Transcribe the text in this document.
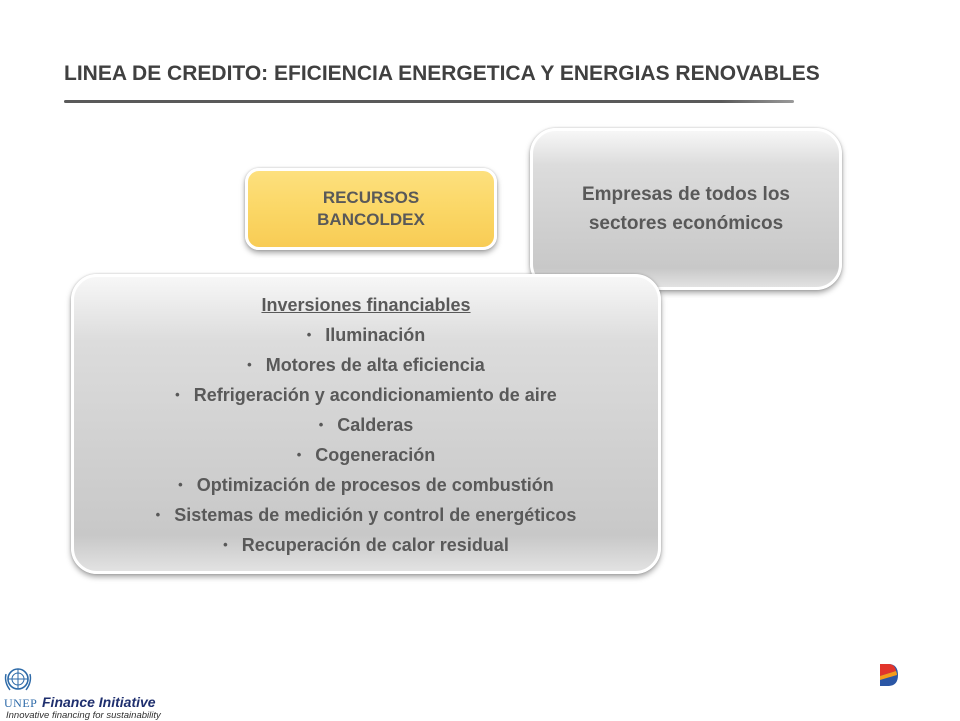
LINEA DE CREDITO: EFICIENCIA ENERGETICA Y ENERGIAS RENOVABLES
Empresas de todos los
sectores económicos
RECURSOS
BANCOLDEX
Inversiones financiables
• Iluminación
• Motores de alta eficiencia
• Refrigeración y acondicionamiento de aire
• Calderas
• Cogeneración
• Optimización de procesos de combustión
• Sistemas de medición y control de energéticos
• Recuperación de calor residual
UNEP Finance Initiative
Innovative financing for sustainability
